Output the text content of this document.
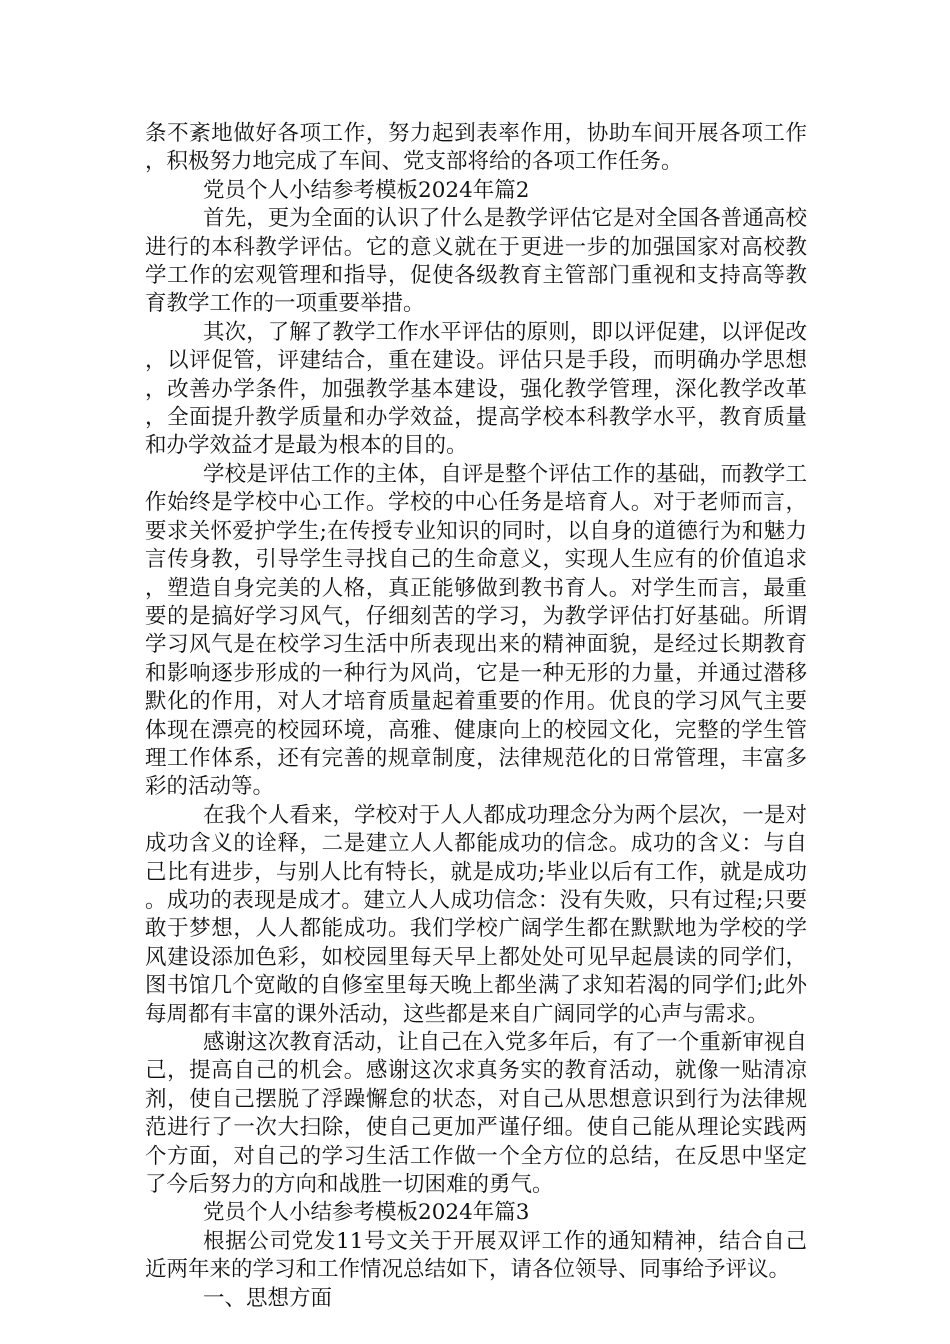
条不紊地做好各项工作，努力起到表率作用，协助车间开展各项工作，积极努力地完成了车间、党支部将给的各项工作任务。

党员个人小结参考模板2024年篇2

首先，更为全面的认识了什么是教学评估它是对全国各普通高校进行的本科教学评估。它的意义就在于更进一步的加强国家对高校教学工作的宏观管理和指导，促使各级教育主管部门重视和支持高等教育教学工作的一项重要举措。

其次，了解了教学工作水平评估的原则，即以评促建，以评促改，以评促管，评建结合，重在建设。评估只是手段，而明确办学思想，改善办学条件，加强教学基本建设，强化教学管理，深化教学改革，全面提升教学质量和办学效益，提高学校本科教学水平，教育质量和办学效益才是最为根本的目的。

学校是评估工作的主体，自评是整个评估工作的基础，而教学工作始终是学校中心工作。学校的中心任务是培育人。对于老师而言，要求关怀爱护学生;在传授专业知识的同时，以自身的道德行为和魅力言传身教，引导学生寻找自己的生命意义，实现人生应有的价值追求，塑造自身完美的人格，真正能够做到教书育人。对学生而言，最重要的是搞好学习风气，仔细刻苦的学习，为教学评估打好基础。所谓学习风气是在校学习生活中所表现出来的精神面貌，是经过长期教育和影响逐步形成的一种行为风尚，它是一种无形的力量，并通过潜移默化的作用，对人才培育质量起着重要的作用。优良的学习风气主要体现在漂亮的校园环境，高雅、健康向上的校园文化，完整的学生管理工作体系，还有完善的规章制度，法律规范化的日常管理，丰富多彩的活动等。

在我个人看来，学校对于人人都成功理念分为两个层次，一是对成功含义的诠释，二是建立人人都能成功的信念。成功的含义：与自己比有进步，与别人比有特长，就是成功;毕业以后有工作，就是成功。成功的表现是成才。建立人人成功信念：没有失败，只有过程;只要敢于梦想，人人都能成功。我们学校广阔学生都在默默地为学校的学风建设添加色彩，如校园里每天早上都处处可见早起晨读的同学们，图书馆几个宽敞的自修室里每天晚上都坐满了求知若渴的同学们;此外每周都有丰富的课外活动，这些都是来自广阔同学的心声与需求。

感谢这次教育活动，让自己在入党多年后，有了一个重新审视自己，提高自己的机会。感谢这次求真务实的教育活动，就像一贴清凉剂，使自己摆脱了浮躁懈怠的状态，对自己从思想意识到行为法律规范进行了一次大扫除，使自己更加严谨仔细。使自己能从理论实践两个方面，对自己的学习生活工作做一个全方位的总结，在反思中坚定了今后努力的方向和战胜一切困难的勇气。

党员个人小结参考模板2024年篇3

根据公司党发11号文关于开展双评工作的通知精神，结合自己近两年来的学习和工作情况总结如下，请各位领导、同事给予评议。

一、思想方面
